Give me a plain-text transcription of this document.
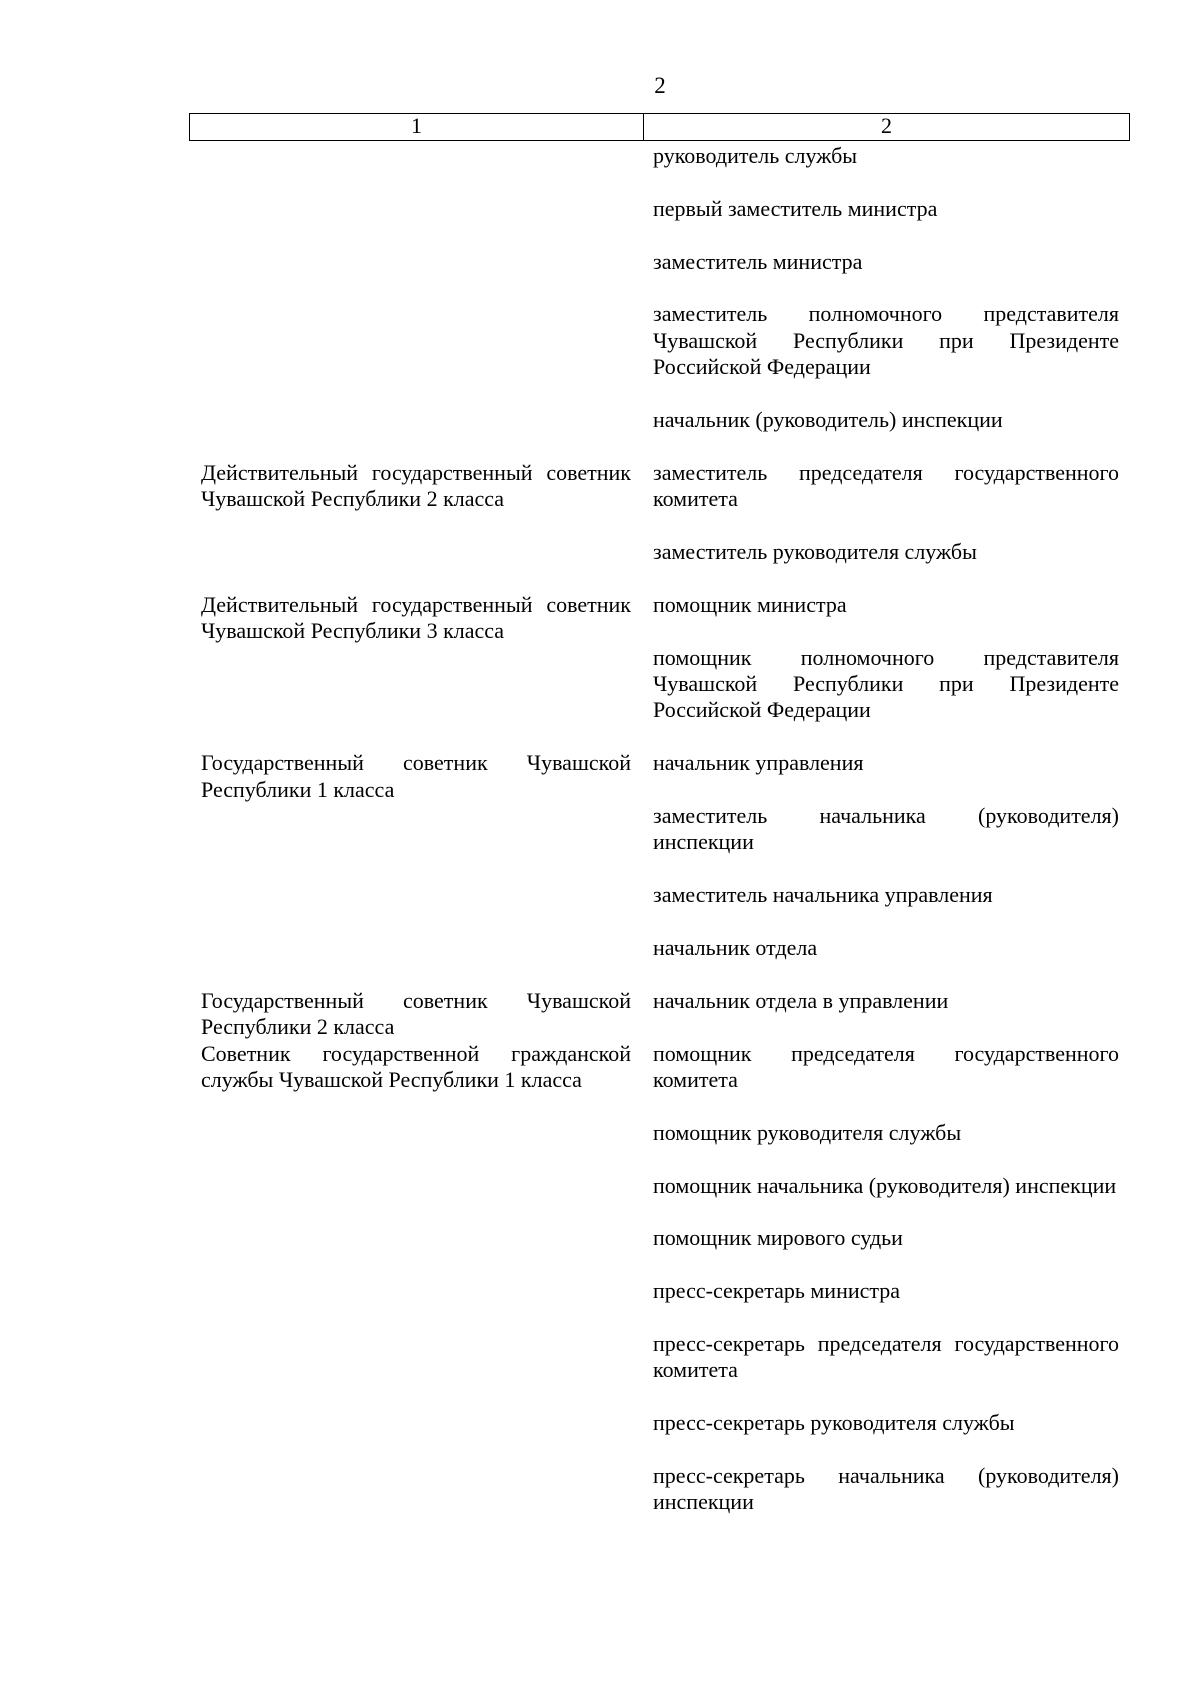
2
1	2
руководитель службы
первый заместитель министра
заместитель министра
заместитель полномочного представителя Чувашской Республики при Президенте Российской Федерации
начальник (руководитель) инспекции
Действительный государственный советник Чувашской Республики 2 класса
заместитель председателя государственного комитета
заместитель руководителя службы
Действительный государственный советник Чувашской Республики 3 класса
помощник министра
помощник полномочного представителя Чувашской Республики при Президенте Российской Федерации
Государственный советник Чувашской Республики 1 класса
начальник управления
заместитель начальника (руководителя) инспекции
заместитель начальника управления
начальник отдела
Государственный советник Чувашской Республики 2 класса
начальник отдела в управлении
Советник государственной гражданской службы Чувашской Республики 1 класса
помощник председателя государственного комитета
помощник руководителя службы
помощник начальника (руководителя) инспекции
помощник мирового судьи
пресс-секретарь министра
пресс-секретарь председателя государственного комитета
пресс-секретарь руководителя службы
пресс-секретарь начальника (руководителя) инспекции
